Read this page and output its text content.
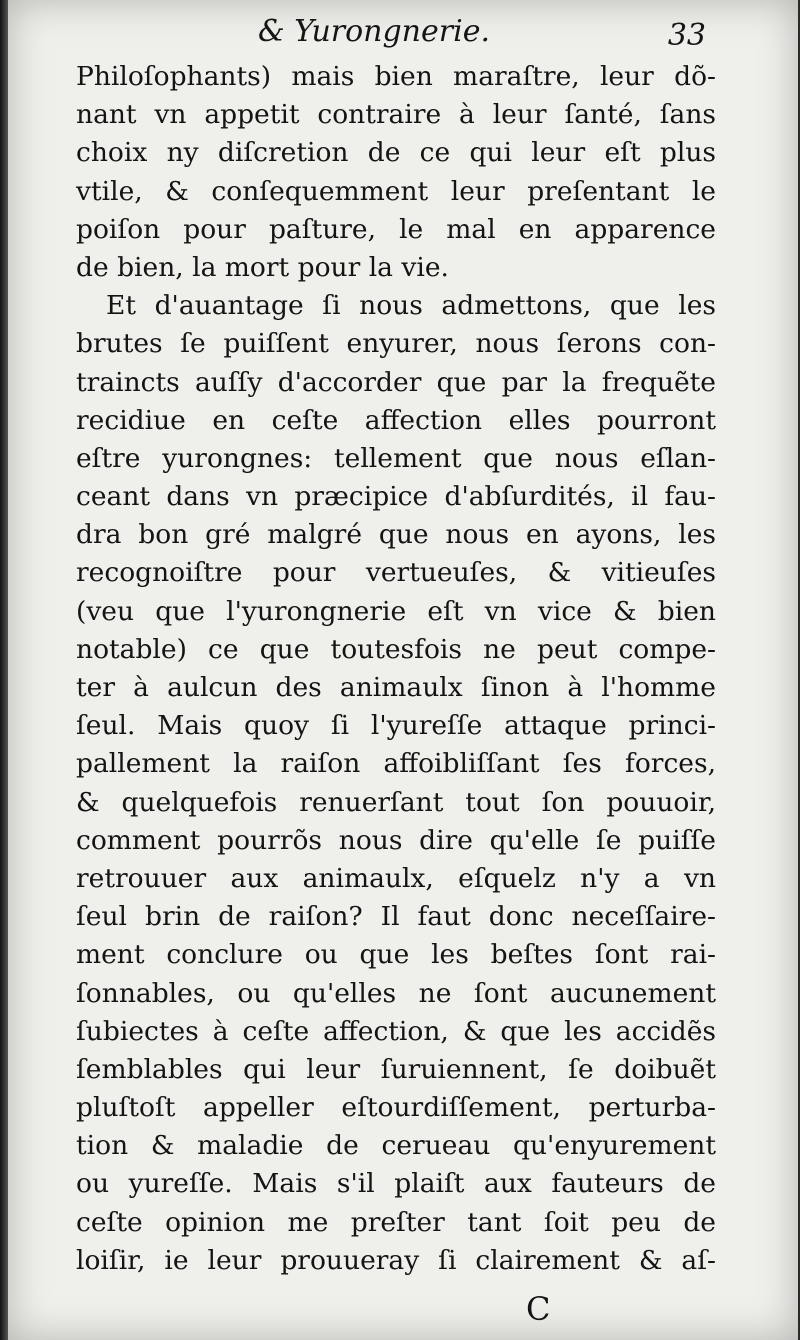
& Yurongnerie.	33
Philoſophants) mais bien maraſtre, leur dõ-
nant vn appetit contraire à leur ſanté, ſans
choix ny diſcretion de ce qui leur eſt plus
vtile, & conſequemment leur preſentant le
poiſon pour paſture, le mal en apparence
de bien, la mort pour la vie.
Et d'auantage ſi nous admettons, que les
brutes ſe puiſſent enyurer, nous ſerons con-
traincts auſſy d'accorder que par la frequẽte
recidiue en ceſte affection elles pourront
eſtre yurongnes: tellement que nous eſlan-
ceant dans vn præcipice d'abſurdités, il fau-
dra bon gré malgré que nous en ayons, les
recognoiſtre pour vertueuſes, & vitieuſes
(veu que l'yurongnerie eſt vn vice & bien
notable) ce que toutesfois ne peut compe-
ter à aulcun des animaulx ſinon à l'homme
ſeul. Mais quoy ſi l'yureſſe attaque princi-
pallement la raiſon affoibliſſant ſes forces,
& quelquefois renuerſant tout ſon pouuoir,
comment pourrõs nous dire qu'elle ſe puiſſe
retrouuer aux animaulx, eſquelz n'y a vn
ſeul brin de raiſon? Il faut donc neceſſaire-
ment conclure ou que les beſtes ſont rai-
ſonnables, ou qu'elles ne ſont aucunement
ſubiectes à ceſte affection, & que les accidẽs
ſemblables qui leur ſuruiennent, ſe doibuẽt
pluſtoſt appeller eſtourdiſſement, perturba-
tion & maladie de cerueau qu'enyurement
ou yureſſe. Mais s'il plaiſt aux fauteurs de
ceſte opinion me preſter tant ſoit peu de
loiſir, ie leur prouueray ſi clairement & aſ-
C
